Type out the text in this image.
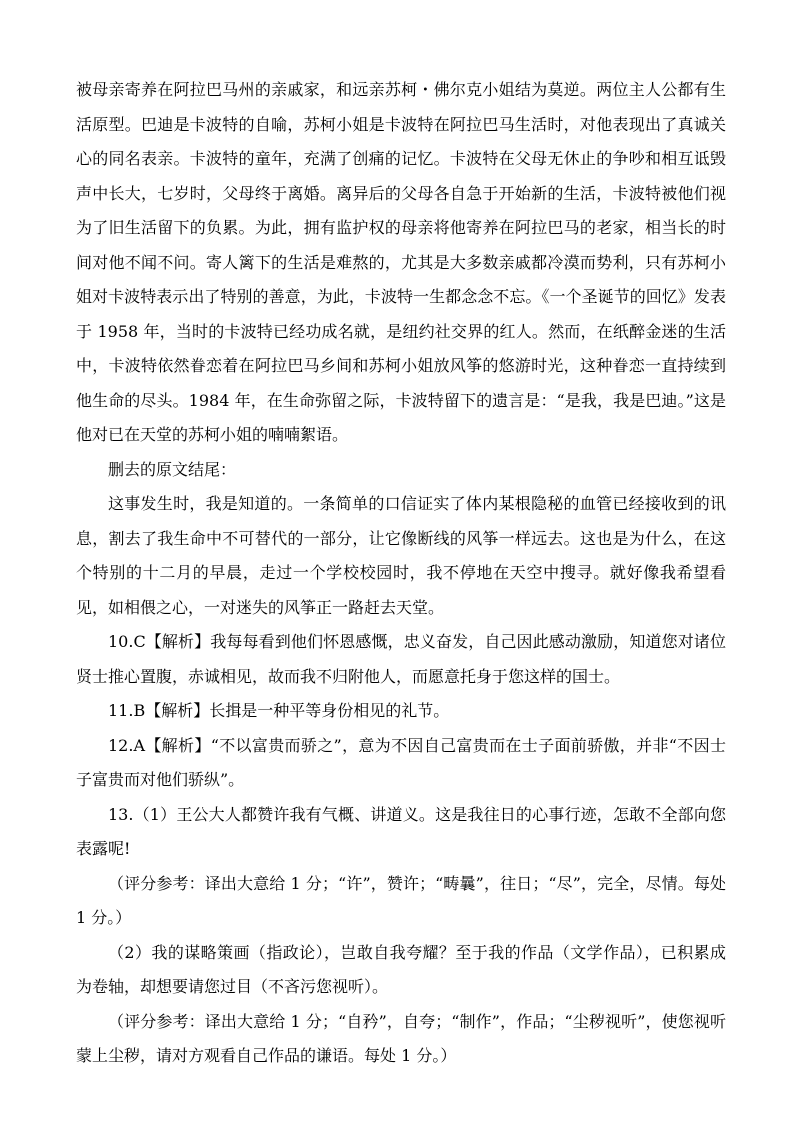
被母亲寄养在阿拉巴马州的亲戚家，和远亲苏柯・佛尔克小姐结为莫逆。两位主人公都有生活原型。巴迪是卡波特的自喻，苏柯小姐是卡波特在阿拉巴马生活时，对他表现出了真诚关心的同名表亲。卡波特的童年，充满了创痛的记忆。卡波特在父母无休止的争吵和相互诋毁声中长大，七岁时，父母终于离婚。离异后的父母各自急于开始新的生活，卡波特被他们视为了旧生活留下的负累。为此，拥有监护权的母亲将他寄养在阿拉巴马的老家，相当长的时间对他不闻不问。寄人篱下的生活是难熬的，尤其是大多数亲戚都冷漠而势利，只有苏柯小姐对卡波特表示出了特别的善意，为此，卡波特一生都念念不忘。《一个圣诞节的回忆》发表于 1958 年，当时的卡波特已经功成名就，是纽约社交界的红人。然而，在纸醉金迷的生活中，卡波特依然眷恋着在阿拉巴马乡间和苏柯小姐放风筝的悠游时光，这种眷恋一直持续到他生命的尽头。1984 年，在生命弥留之际，卡波特留下的遗言是：“是我，我是巴迪。”这是他对已在天堂的苏柯小姐的喃喃絮语。

删去的原文结尾：

这事发生时，我是知道的。一条简单的口信证实了体内某根隐秘的血管已经接收到的讯息，割去了我生命中不可替代的一部分，让它像断线的风筝一样远去。这也是为什么，在这个特别的十二月的早晨，走过一个学校校园时，我不停地在天空中搜寻。就好像我希望看见，如相偎之心，一对迷失的风筝正一路赶去天堂。

10.C【解析】我每每看到他们怀恩感慨，忠义奋发，自己因此感动激励，知道您对诸位贤士推心置腹，赤诚相见，故而我不归附他人，而愿意托身于您这样的国士。

11.B【解析】长揖是一种平等身份相见的礼节。

12.A【解析】“不以富贵而骄之”，意为不因自己富贵而在士子面前骄傲，并非“不因士子富贵而对他们骄纵”。

13.（1）王公大人都赞许我有气概、讲道义。这是我往日的心事行迹，怎敢不全部向您表露呢!

（评分参考：译出大意给 1 分；“许”，赞许；“畴曩”，往日；“尽”，完全，尽情。每处 1 分。）

（2）我的谋略策画（指政论），岂敢自我夸耀？至于我的作品（文学作品），已积累成为卷轴，却想要请您过目（不吝污您视听）。

（评分参考：译出大意给 1 分；“自矜”，自夸；“制作”，作品；“尘秽视听”，使您视听蒙上尘秽，请对方观看自己作品的谦语。每处 1 分。）
